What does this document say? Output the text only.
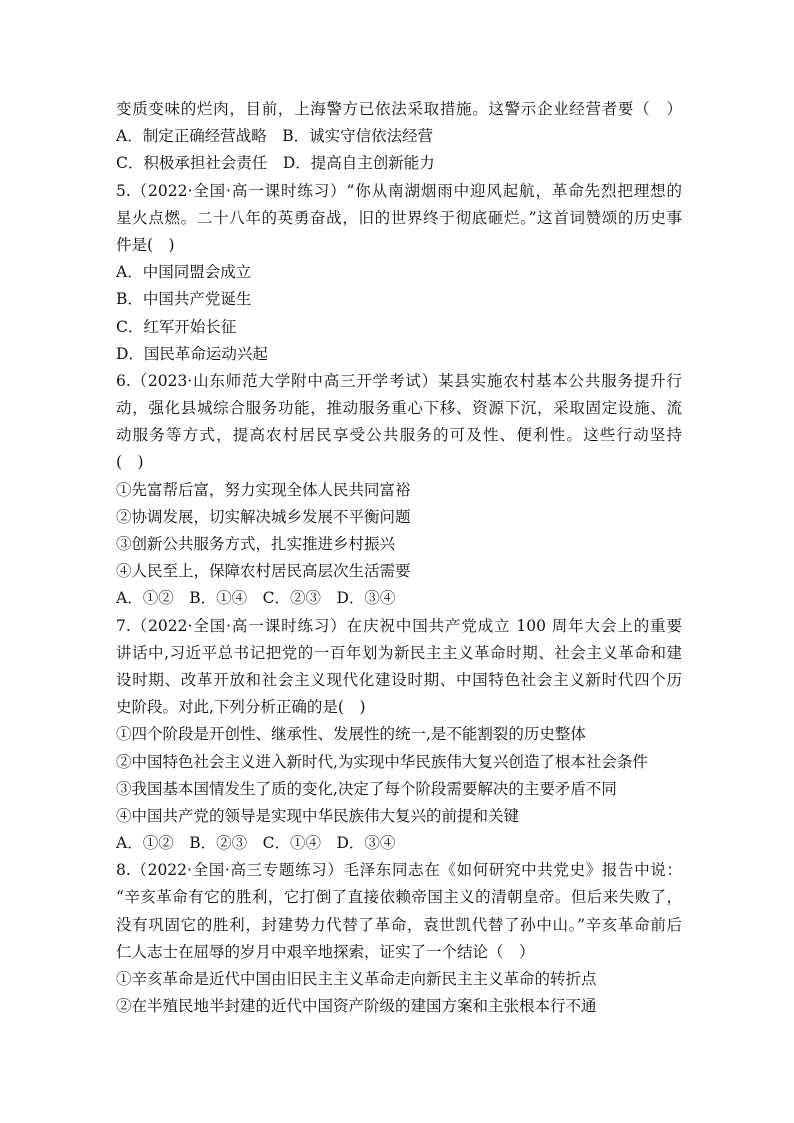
变质变味的烂肉，目前，上海警方已依法采取措施。这警示企业经营者要（　）
A．制定正确经营战略　B．诚实守信依法经营
C．积极承担社会责任　D．提高自主创新能力
5.（2022·全国·高一课时练习）“你从南湖烟雨中迎风起航，革命先烈把理想的
星火点燃。二十八年的英勇奋战，旧的世界终于彻底砸烂。”这首词赞颂的历史事
件是(　)
A．中国同盟会成立
B．中国共产党诞生
C．红军开始长征
D．国民革命运动兴起
6.（2023·山东师范大学附中高三开学考试）某县实施农村基本公共服务提升行
动，强化县城综合服务功能，推动服务重心下移、资源下沉，采取固定设施、流
动服务等方式，提高农村居民享受公共服务的可及性、便利性。这些行动坚持
(　)
①先富帮后富，努力实现全体人民共同富裕
②协调发展，切实解决城乡发展不平衡问题
③创新公共服务方式，扎实推进乡村振兴
④人民至上，保障农村居民高层次生活需要
A．①②　B．①④　C．②③　D．③④
7.（2022·全国·高一课时练习）在庆祝中国共产党成立 100 周年大会上的重要
讲话中,习近平总书记把党的一百年划为新民主主义革命时期、社会主义革命和建
设时期、改革开放和社会主义现代化建设时期、中国特色社会主义新时代四个历
史阶段。对此,下列分析正确的是(　)
①四个阶段是开创性、继承性、发展性的统一,是不能割裂的历史整体
②中国特色社会主义进入新时代,为实现中华民族伟大复兴创造了根本社会条件
③我国基本国情发生了质的变化,决定了每个阶段需要解决的主要矛盾不同
④中国共产党的领导是实现中华民族伟大复兴的前提和关键
A．①②　B．②③　C．①④　D．③④
8.（2022·全国·高三专题练习）毛泽东同志在《如何研究中共党史》报告中说：
“辛亥革命有它的胜利，它打倒了直接依赖帝国主义的清朝皇帝。但后来失败了，
没有巩固它的胜利，封建势力代替了革命，袁世凯代替了孙中山。”辛亥革命前后
仁人志士在屈辱的岁月中艰辛地探索，证实了一个结论（　）
①辛亥革命是近代中国由旧民主主义革命走向新民主主义革命的转折点
②在半殖民地半封建的近代中国资产阶级的建国方案和主张根本行不通
